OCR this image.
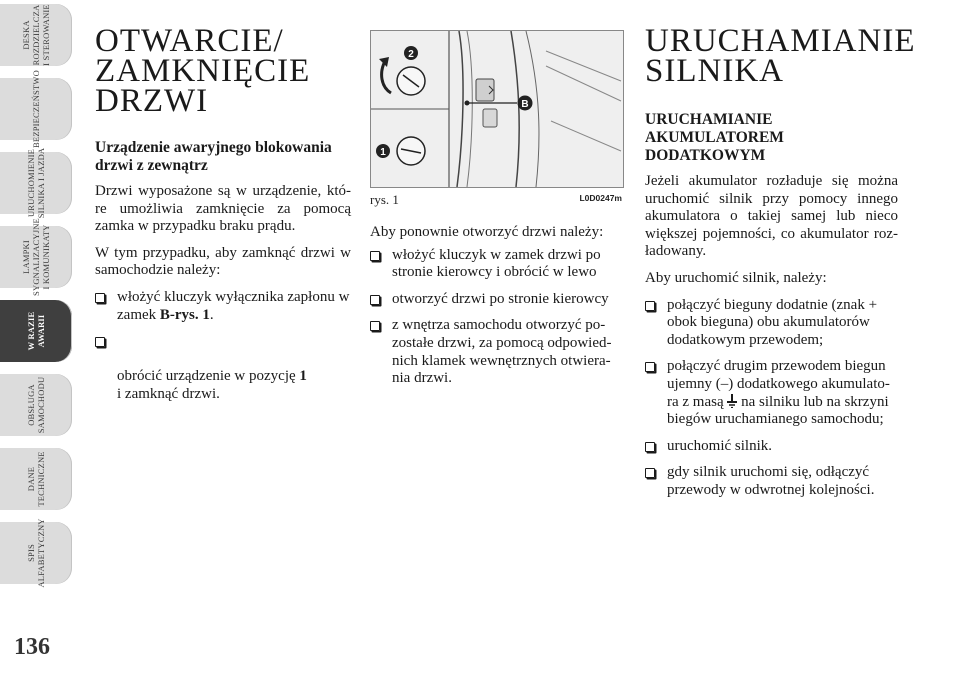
DESKA
ROZDZIELCZA
I STEROWANIE
BEZPIECZEŃSTWO
URUCHOMIENIE
SILNIKA I JAZDA
LAMPKI
SYGNALIZACYJNE
I KOMUNIKATY
W RAZIE
AWARII
OBSŁUGA
SAMOCHODU
DANE
TECHNICZNE
SPIS
ALFABETYCZNY
136
OTWARCIE/
ZAMKNIĘCIE
DRZWI
Urządzenie awaryjnego blokowania
drzwi z zewnątrz

Drzwi wyposażone są w urządzenie, któ-re umożliwia zamknięcie za pomocą zamka w przypadku braku prądu.

W tym przypadku, aby zamknąć drzwi w samochodzie należy:

włożyć kluczyk wyłącznika zapłonu w zamek B-rys. 1.

obrócić urządzenie w pozycję 1
i zamknąć drzwi.

2
1
B
rys. 1	L0D0247m

Aby ponownie otworzyć drzwi należy:

włożyć kluczyk w zamek drzwi po stronie kierowcy i obrócić w lewo
otworzyć drzwi po stronie kierowcy
z wnętrza samochodu otworzyć po-zostałe drzwi, za pomocą odpowied-nich klamek wewnętrznych otwiera-nia drzwi.
URUCHAMIANIE
SILNIKA
URUCHAMIANIE
AKUMULATOREM
DODATKOWYM

Jeżeli akumulator rozładuje się można uruchomić silnik przy pomocy innego akumulatora o takiej samej lub nieco większej pojemności, co akumulator roz-ładowany.

Aby uruchomić silnik, należy:

połączyć bieguny dodatnie (znak + obok bieguna) obu akumulatorów dodatkowym przewodem;
połączyć drugim przewodem biegun ujemny (–) dodatkowego akumulato-ra z masą  na silniku lub na skrzyni biegów uruchamianego samochodu;
uruchomić silnik.
gdy silnik uruchomi się, odłączyć przewody w odwrotnej kolejności.
